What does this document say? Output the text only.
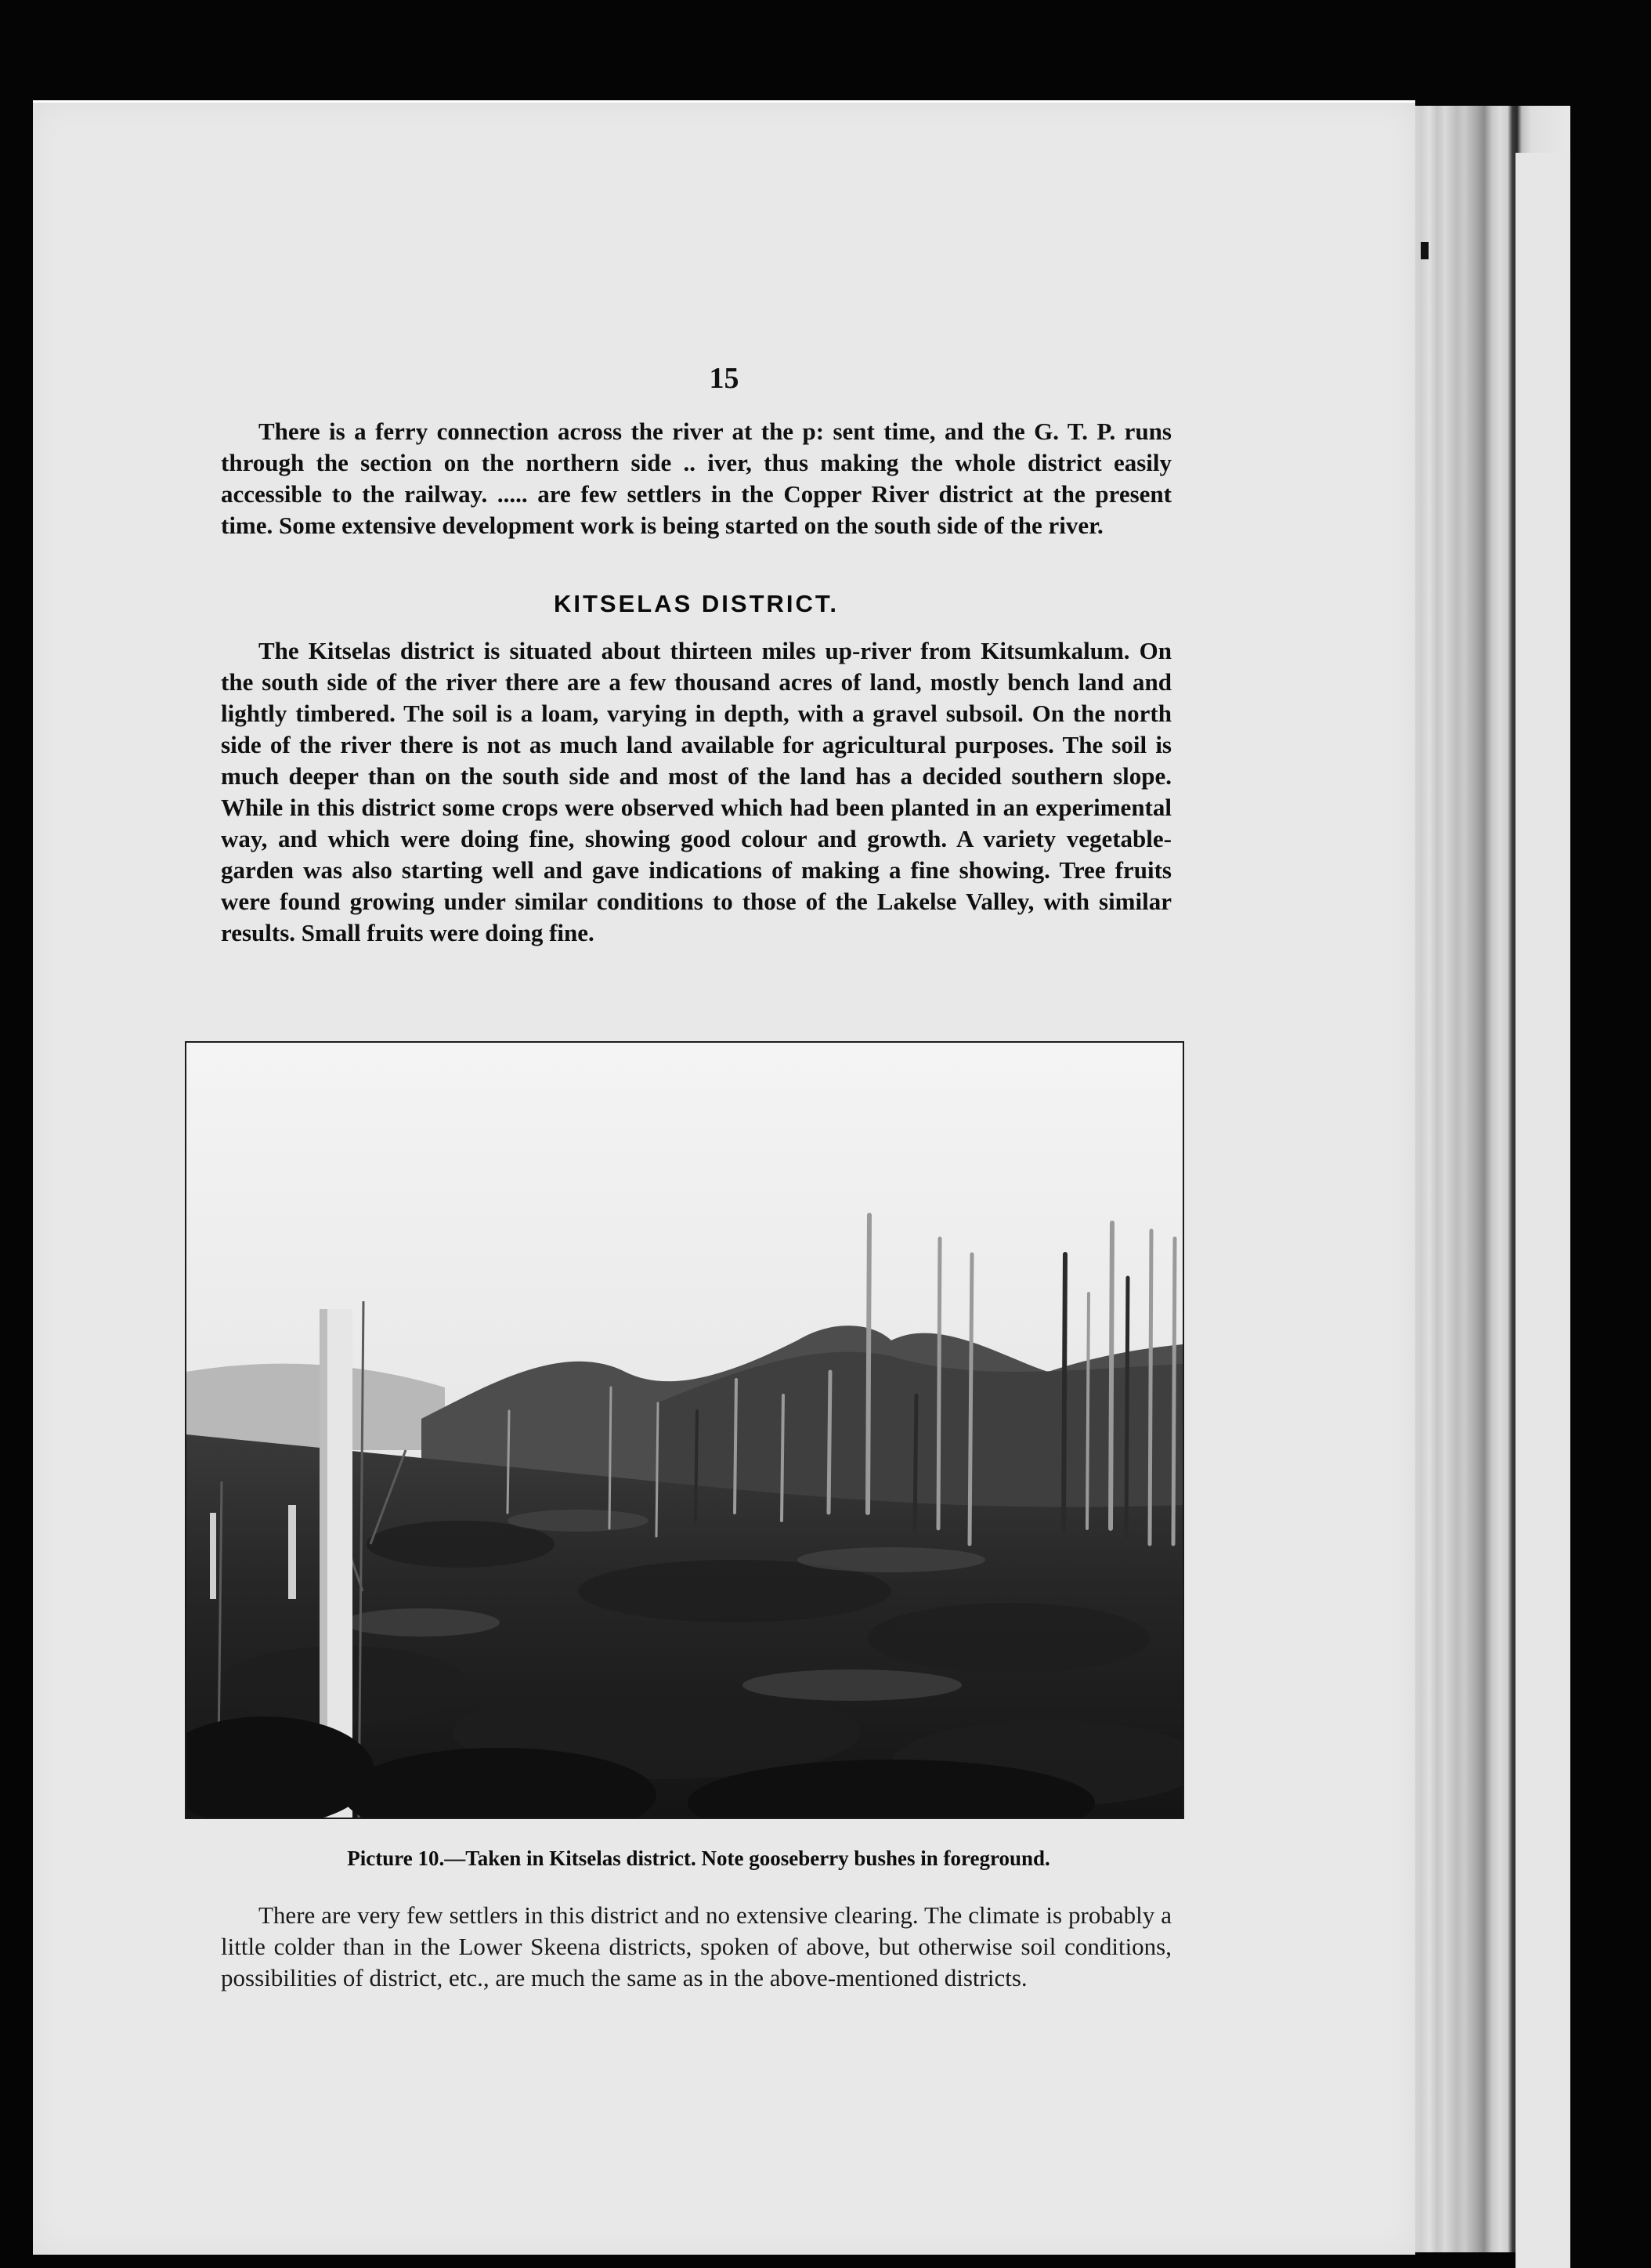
15

There is a ferry connection across the river at the p: sent time, and the G. T. P. runs through the section on the northern side .. iver, thus making the whole district easily accessible to the railway. ..... are few settlers in the Copper River district at the present time. Some extensive development work is being started on the south side of the river.

KITSELAS DISTRICT.

The Kitselas district is situated about thirteen miles up-river from Kitsumkalum. On the south side of the river there are a few thousand acres of land, mostly bench land and lightly timbered. The soil is a loam, varying in depth, with a gravel subsoil. On the north side of the river there is not as much land available for agricultural purposes. The soil is much deeper than on the south side and most of the land has a decided southern slope. While in this district some crops were observed which had been planted in an experimental way, and which were doing fine, showing good colour and growth. A variety vegetable-garden was also starting well and gave indications of making a fine showing. Tree fruits were found growing under similar conditions to those of the Lakelse Valley, with similar results. Small fruits were doing fine.

Picture 10.—Taken in Kitselas district. Note gooseberry bushes in foreground.

There are very few settlers in this district and no extensive clearing. The climate is probably a little colder than in the Lower Skeena districts, spoken of above, but otherwise soil conditions, possibilities of district, etc., are much the same as in the above-mentioned districts.
